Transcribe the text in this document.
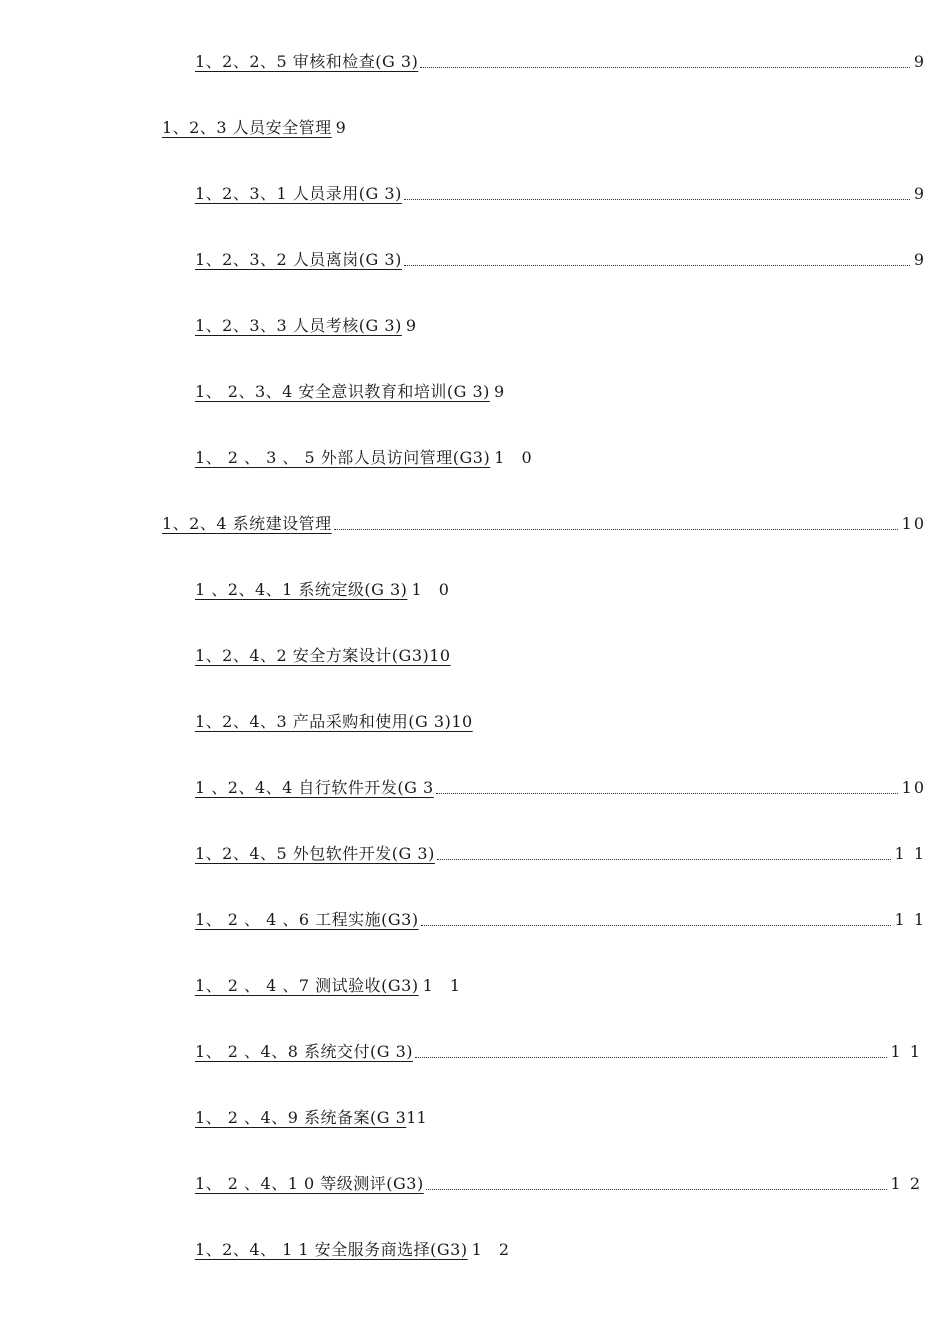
1、2、2、5 审核和检查(G 3)	9
1、2、3 人员安全管理 9
1、2、3、1 人员录用(G 3)	9
1、2、3、2 人员离岗(G 3)	9
1、2、3、3 人员考核(G 3) 9
1、 2、3、4 安全意识教育和培训(G 3) 9
1、 2 、 3 、 5 外部人员访问管理(G3) 1 0
1、2、4 系统建设管理	10
1 、2、4、1 系统定级(G 3) 1 0
1、2、4、2 安全方案设计(G3)10
1、2、4、3 产品采购和使用(G 3)10
1 、2、4、4 自行软件开发(G 3	10
1、2、4、5 外包软件开发(G 3)	1 1
1、 2 、 4 、6 工程实施(G3)	1 1
1、 2 、 4 、7 测试验收(G3) 1 1
1、 2 、4、8 系统交付(G 3)	1 1
1、 2 、4、9 系统备案(G 3 11
1、 2 、4、1 0 等级测评(G3)	1 2
1、2、4、 1 1 安全服务商选择(G3) 1 2
